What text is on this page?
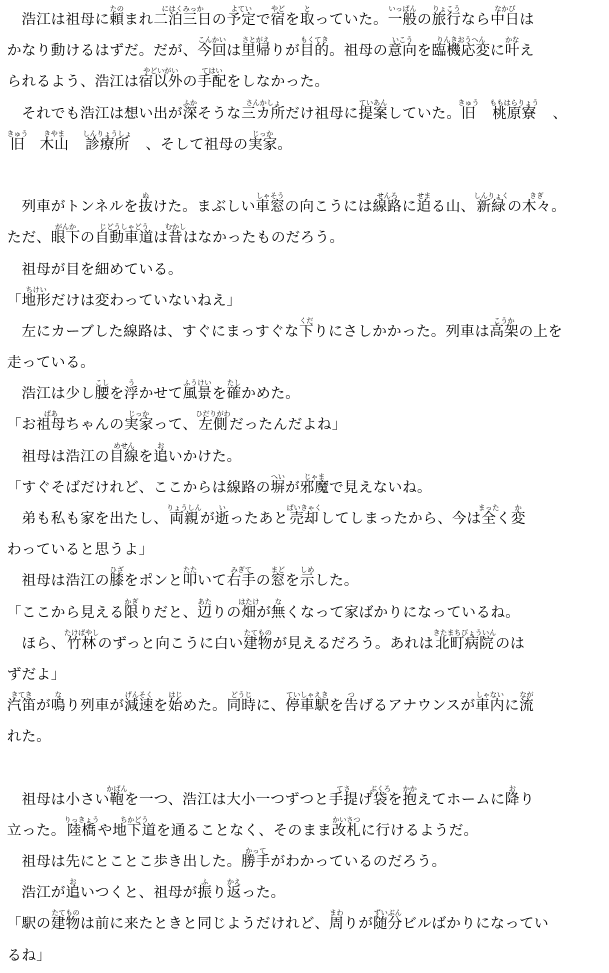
　浩江は祖母に頼たのまれ二泊三日にはくみっかの予定よていで宿やどを取とっていた。一般いっぱんの旅行りょこうなら中日なかびは
かなり動けるはずだ。だが、今回こんかいは里帰さとがえりが目的もくてき。祖母の意向いこうを臨機応変りんきおうへんに叶かなえ
られるよう、浩江は宿以外やどいがいの手配てはいをしなかった。
　それでも浩江は想い出が深ふかそうな三カ所さんかしょだけ祖母に提案ていあんしていた。旧きゅう　桃原寮ももはらりょう　、
旧きゅう　木山きやま　診療所しんりょうしょ　、そして祖母の実家じっか。
　列車がトンネルを抜ぬけた。まぶしい車窓しゃそうの向こうには線路せんろに迫せまる山、新緑しんりょくの木々きぎ。
ただ、眼下がんかの自動車道じどうしゃどうは昔むかしはなかったものだろう。
　祖母が目を細めている。
「地形ちけいだけは変わっていないねえ」
　左にカーブした線路は、すぐにまっすぐな下くだりにさしかかった。列車は高架こうかの上を
走っている。
　浩江は少し腰こしを浮うかせて風景ふうけいを確たしかめた。
「お祖母ばあちゃんの実家じっかって、左側ひだりがわだったんだよね」
　祖母は浩江の目線めせんを追おいかけた。
「すぐそばだけれど、ここからは線路の塀へいが邪魔じゃまで見えないね。
　弟も私も家を出たし、両親りょうしんが逝いったあと売却ばいきゃくしてしまったから、今は全まったく変か
わっていると思うよ」
　祖母は浩江の膝ひざをポンと叩たたいて右手みぎての窓まどを示しめした。
「ここから見える限かぎりだと、辺あたりの畑はたけが無なくなって家ばかりになっているね。
　ほら、竹林たけばやしのずっと向こうに白い建物たてものが見えるだろう。あれは北町病院きたまちびょういんのは
ずだよ」
汽笛きてきが鳴なり列車が減速げんそくを始はじめた。同時どうじに、停車駅ていしゃえきを告つげるアナウンスが車内しゃないに流なが
れた。
　祖母は小さい鞄かばんを一つ、浩江は大小一つずつと手提てさげ袋ぶくろを抱かかえてホームに降おり
立った。陸橋りっきょうや地下道ちかどうを通ることなく、そのまま改札かいさつに行けるようだ。
　祖母は先にとことこ歩き出した。勝手かってがわかっているのだろう。
　浩江が追おいつくと、祖母が振ふり返かえった。
「駅の建物たてものは前に来たときと同じようだけれど、周まわりが随分ずいぶんビルばかりになってい
るね」
